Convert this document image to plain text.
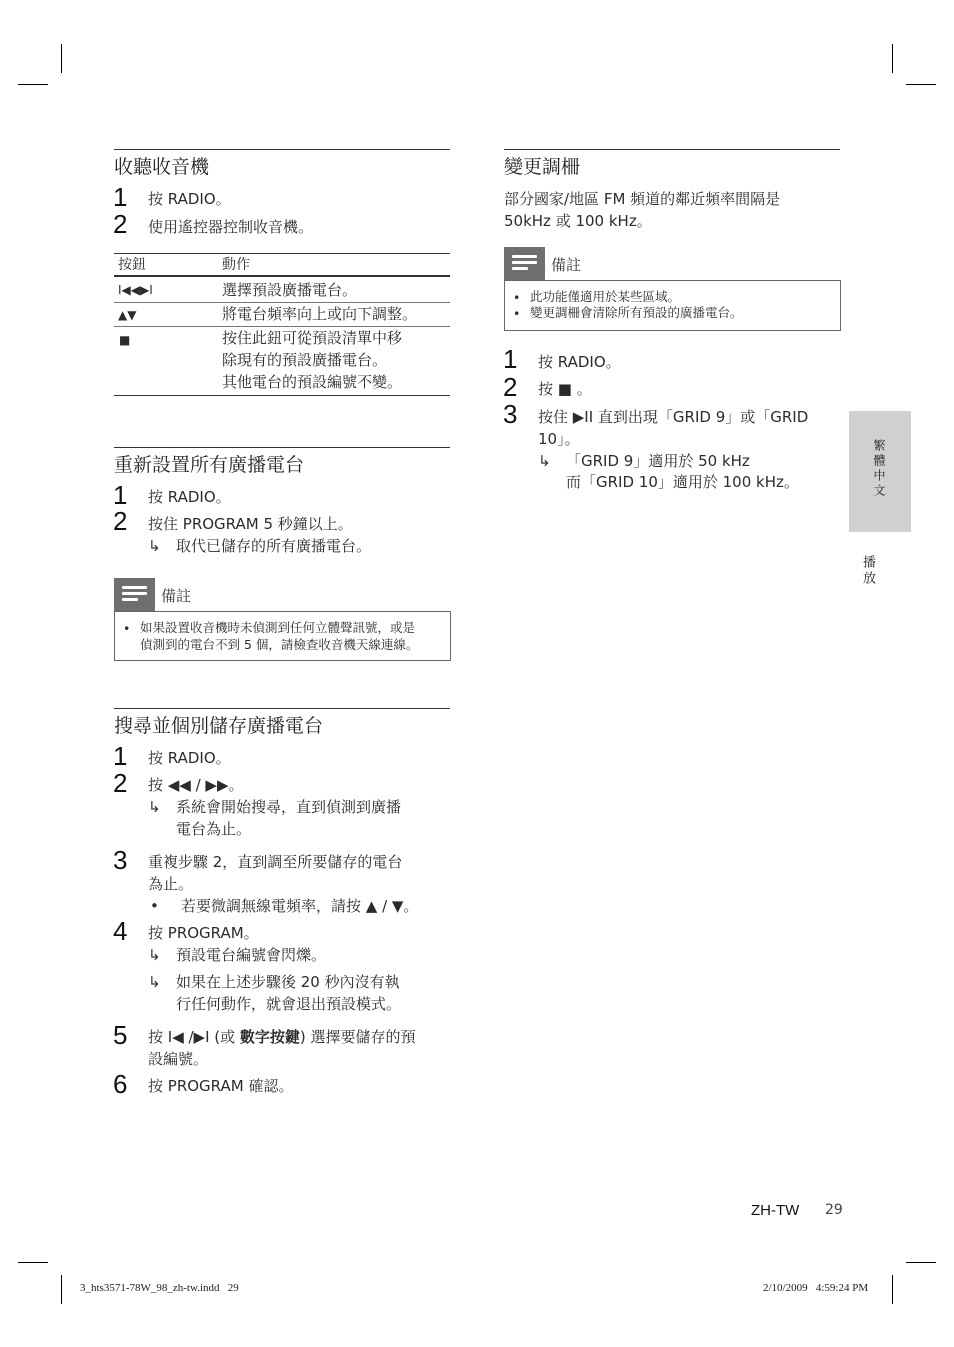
收聽收音機
1 按 RADIO。
2 使用遙控器控制收音機。
按鈕	動作
I◀◀▶I	選擇預設廣播電台。
▲▼	將電台頻率向上或向下調整。
■	按住此鈕可從預設清單中移
除現有的預設廣播電台。
其他電台的預設編號不變。
重新設置所有廣播電台
1 按 RADIO。
2 按住 PROGRAM 5 秒鐘以上。
↳ 取代已儲存的所有廣播電台。
備註
• 如果設置收音機時未偵測到任何立體聲訊號，或是
偵測到的電台不到 5 個，請檢查收音機天線連線。
搜尋並個別儲存廣播電台
1 按 RADIO。
2 按 ◀◀ / ▶▶。
↳ 系統會開始搜尋，直到偵測到廣播
電台為止。
3 重複步驟 2，直到調至所要儲存的電台
為止。
• 若要微調無線電頻率，請按 ▲ / ▼。
4 按 PROGRAM。
↳ 預設電台編號會閃爍。
↳ 如果在上述步驟後 20 秒內沒有執
行任何動作，就會退出預設模式。
5 按 I◀ /▶I (或 數字按鍵) 選擇要儲存的預
設編號。
6 按 PROGRAM 確認。
變更調柵
部分國家/地區 FM 頻道的鄰近頻率間隔是
50kHz 或 100 kHz。
備註
• 此功能僅適用於某些區域。
• 變更調柵會清除所有預設的廣播電台。
1 按 RADIO。
2 按 ■ 。
3 按住 ▶II 直到出現「GRID 9」或「GRID
10」。
↳ 「GRID 9」適用於 50 kHz
而「GRID 10」適用於 100 kHz。	繁體中文
播放
ZH-TW 29
3_hts3571-78W_98_zh-tw.indd   29	2/10/2009   4:59:24 PM
